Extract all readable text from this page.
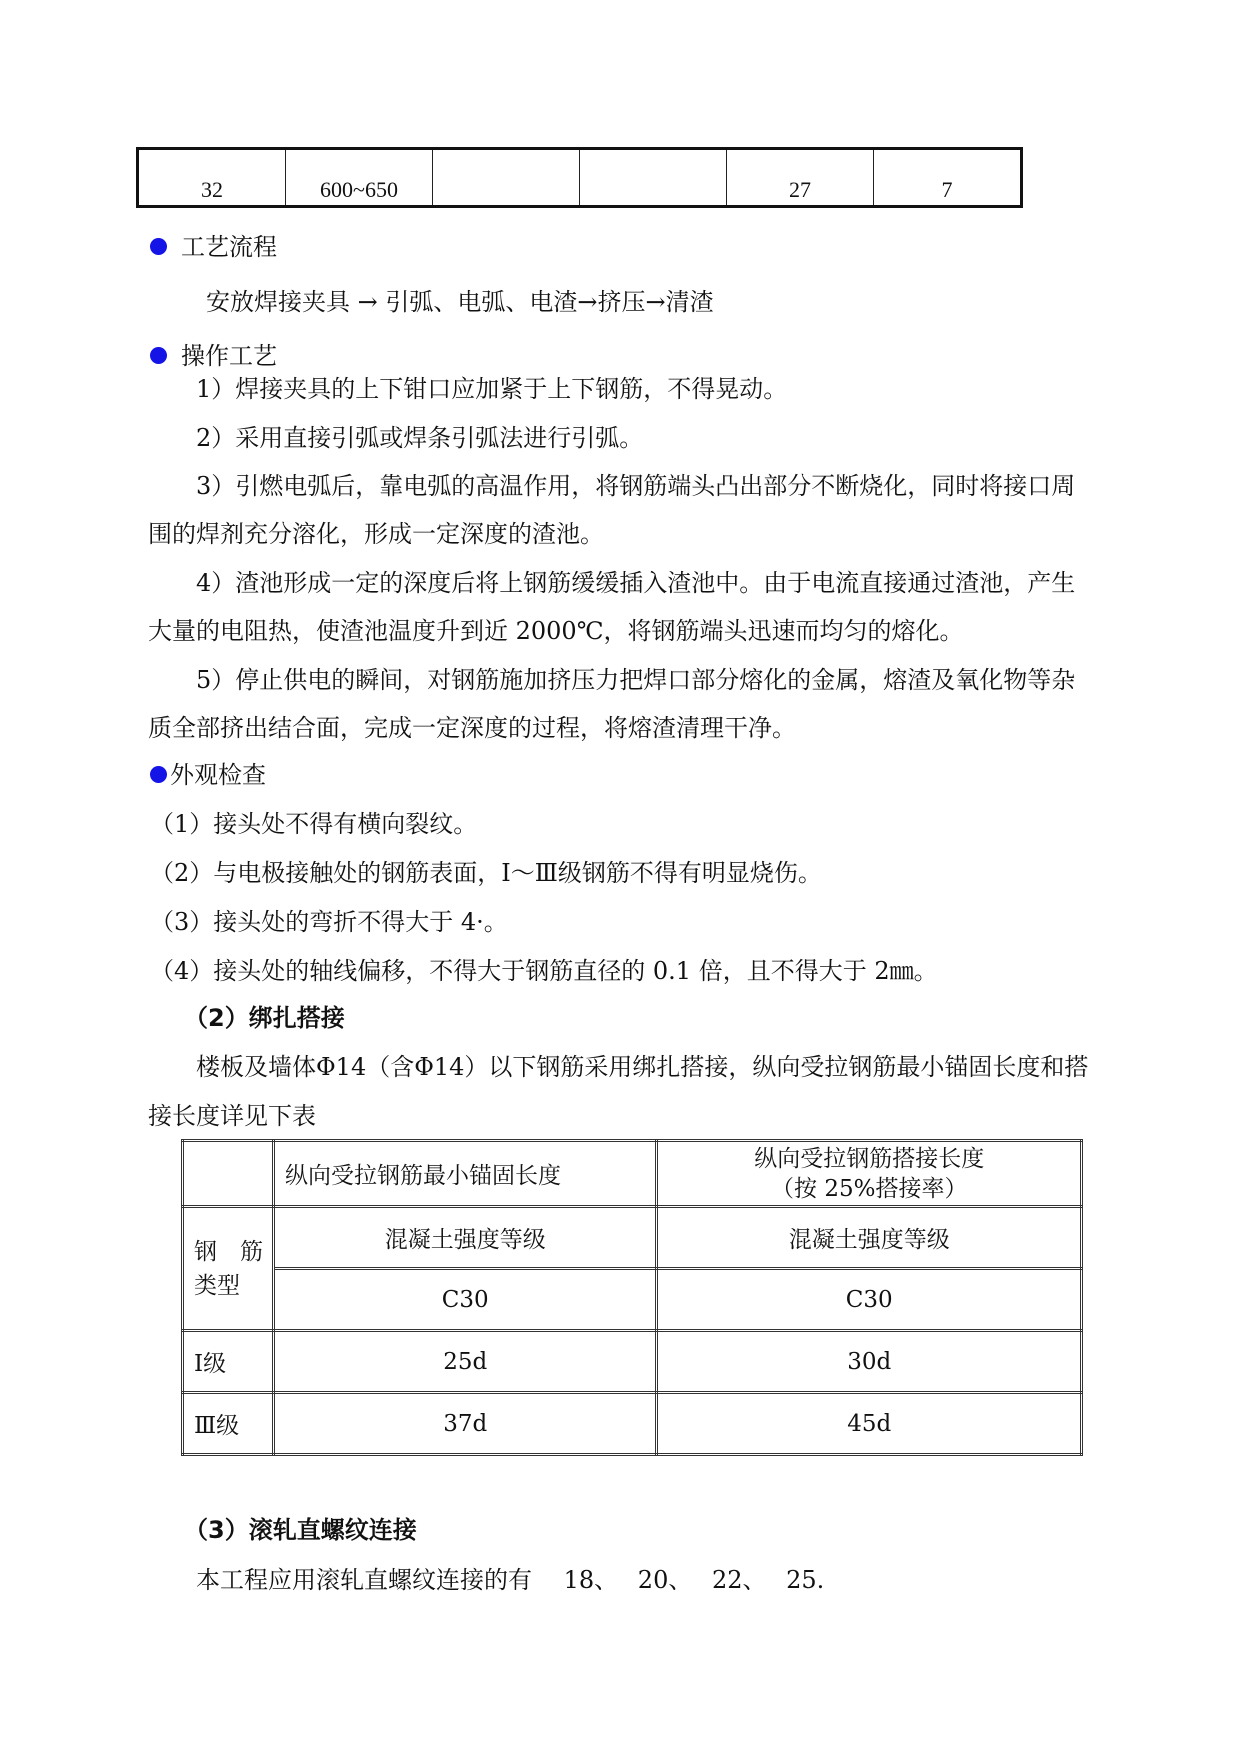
32	600~650			27	7
工艺流程
安放焊接夹具 → 引弧、电弧、电渣→挤压→清渣
操作工艺
1）焊接夹具的上下钳口应加紧于上下钢筋，不得晃动。
2）采用直接引弧或焊条引弧法进行引弧。
3）引燃电弧后，靠电弧的高温作用，将钢筋端头凸出部分不断烧化，同时将接口周
围的焊剂充分溶化，形成一定深度的渣池。
4）渣池形成一定的深度后将上钢筋缓缓插入渣池中。由于电流直接通过渣池，产生
大量的电阻热，使渣池温度升到近 2000℃，将钢筋端头迅速而均匀的熔化。
5）停止供电的瞬间，对钢筋施加挤压力把焊口部分熔化的金属，熔渣及氧化物等杂
质全部挤出结合面，完成一定深度的过程，将熔渣清理干净。
外观检查
（1）接头处不得有横向裂纹。
（2）与电极接触处的钢筋表面，Ⅰ～Ⅲ级钢筋不得有明显烧伤。
（3）接头处的弯折不得大于 4·。
（4）接头处的轴线偏移，不得大于钢筋直径的 0.1 倍，且不得大于 2㎜。
（2）绑扎搭接
楼板及墙体Φ14（含Φ14）以下钢筋采用绑扎搭接，纵向受拉钢筋最小锚固长度和搭
接长度详见下表
	纵向受拉钢筋最小锚固长度	纵向受拉钢筋搭接长度
（按 25%搭接率）

钢　筋
类型	混凝土强度等级	混凝土强度等级
	C30	C30
Ⅰ级	25d	30d
Ⅲ级	37d	45d
（3）滚轧直螺纹连接
本工程应用滚轧直螺纹连接的有　 18、　 20、　 22、　 25.
